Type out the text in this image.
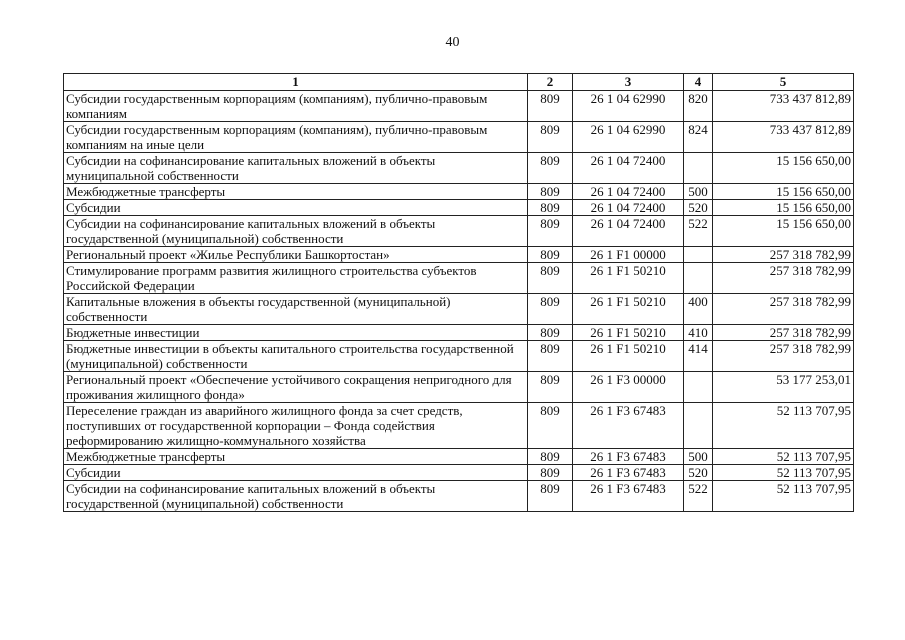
40
1	2	3	4	5
Субсидии государственным корпорациям (компаниям), публично-правовым компаниям	809	26 1 04 62990	820	733 437 812,89
Субсидии государственным корпорациям (компаниям), публично-правовым компаниям на иные цели	809	26 1 04 62990	824	733 437 812,89
Субсидии на софинансирование капитальных вложений в объекты муниципальной собственности	809	26 1 04 72400		15 156 650,00
Межбюджетные трансферты	809	26 1 04 72400	500	15 156 650,00
Субсидии	809	26 1 04 72400	520	15 156 650,00
Субсидии на софинансирование капитальных вложений в объекты государственной (муниципальной) собственности	809	26 1 04 72400	522	15 156 650,00
Региональный проект «Жилье Республики Башкортостан»	809	26 1 F1 00000		257 318 782,99
Стимулирование программ развития жилищного строительства субъектов Российской Федерации	809	26 1 F1 50210		257 318 782,99
Капитальные вложения в объекты государственной (муниципальной) собственности	809	26 1 F1 50210	400	257 318 782,99
Бюджетные инвестиции	809	26 1 F1 50210	410	257 318 782,99
Бюджетные инвестиции в объекты капитального строительства государственной (муниципальной) собственности	809	26 1 F1 50210	414	257 318 782,99
Региональный проект «Обеспечение устойчивого сокращения непригодного для проживания жилищного фонда»	809	26 1 F3 00000		53 177 253,01
Переселение граждан из аварийного жилищного фонда за счет средств, поступивших от государственной корпорации – Фонда содействия реформированию жилищно-коммунального хозяйства	809	26 1 F3 67483		52 113 707,95
Межбюджетные трансферты	809	26 1 F3 67483	500	52 113 707,95
Субсидии	809	26 1 F3 67483	520	52 113 707,95
Субсидии на софинансирование капитальных вложений в объекты государственной (муниципальной) собственности	809	26 1 F3 67483	522	52 113 707,95
